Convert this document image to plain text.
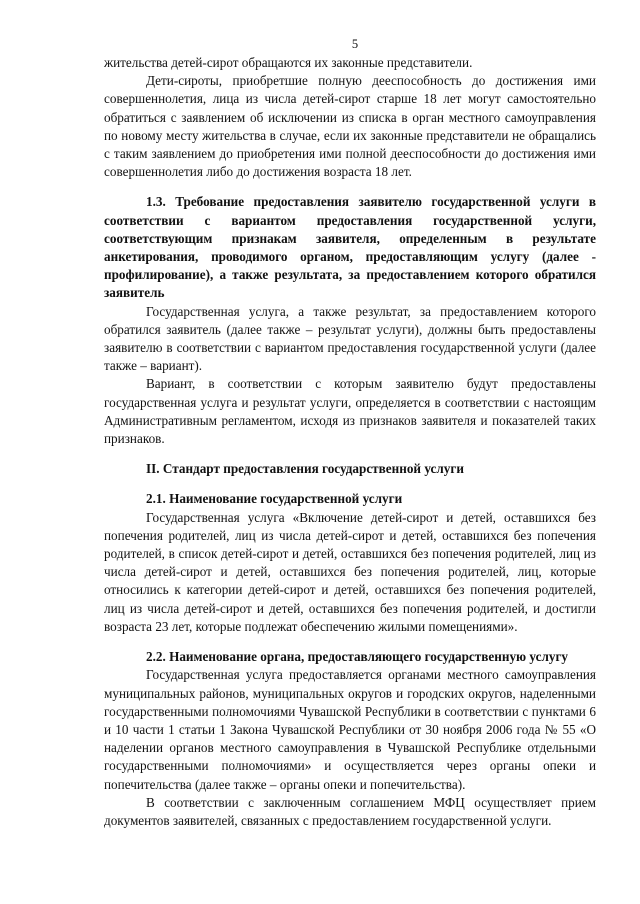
5

жительства детей-сирот обращаются их законные представители.

Дети-сироты, приобретшие полную дееспособность до достижения ими совершеннолетия, лица из числа детей-сирот старше 18 лет могут самостоятельно обратиться с заявлением об исключении из списка в орган местного самоуправления по новому месту жительства в случае, если их законные представители не обращались с таким заявлением до приобретения ими полной дееспособности до достижения ими совершеннолетия либо до достижения возраста 18 лет.

1.3. Требование предоставления заявителю государственной услуги в соответствии с вариантом предоставления государственной услуги, соответствующим признакам заявителя, определенным в результате анкетирования, проводимого органом, предоставляющим услугу (далее - профилирование), а также результата, за предоставлением которого обратился заявитель

Государственная услуга, а также результат, за предоставлением которого обратился заявитель (далее также – результат услуги), должны быть предоставлены заявителю в соответствии с вариантом предоставления государственной услуги (далее также – вариант).

Вариант, в соответствии с которым заявителю будут предоставлены государственная услуга и результат услуги, определяется в соответствии с настоящим Административным регламентом, исходя из признаков заявителя и показателей таких признаков.

II. Стандарт предоставления государственной услуги

2.1. Наименование государственной услуги

Государственная услуга «Включение детей-сирот и детей, оставшихся без попечения родителей, лиц из числа детей-сирот и детей, оставшихся без попечения родителей, в список детей-сирот и детей, оставшихся без попечения родителей, лиц из числа детей-сирот и детей, оставшихся без попечения родителей, лиц, которые относились к категории детей-сирот и детей, оставшихся без попечения родителей, лиц из числа детей-сирот и детей, оставшихся без попечения родителей, и достигли возраста 23 лет, которые подлежат обеспечению жилыми помещениями».

2.2. Наименование органа, предоставляющего государственную услугу

Государственная услуга предоставляется органами местного самоуправления муниципальных районов, муниципальных округов и городских округов, наделенными государственными полномочиями Чувашской Республики в соответствии с пунктами 6 и 10 части 1 статьи 1 Закона Чувашской Республики от 30 ноября 2006 года № 55 «О наделении органов местного самоуправления в Чувашской Республике отдельными государственными полномочиями» и осуществляется через органы опеки и попечительства (далее также – органы опеки и попечительства).

В соответствии с заключенным соглашением МФЦ осуществляет прием документов заявителей, связанных с предоставлением государственной услуги.
